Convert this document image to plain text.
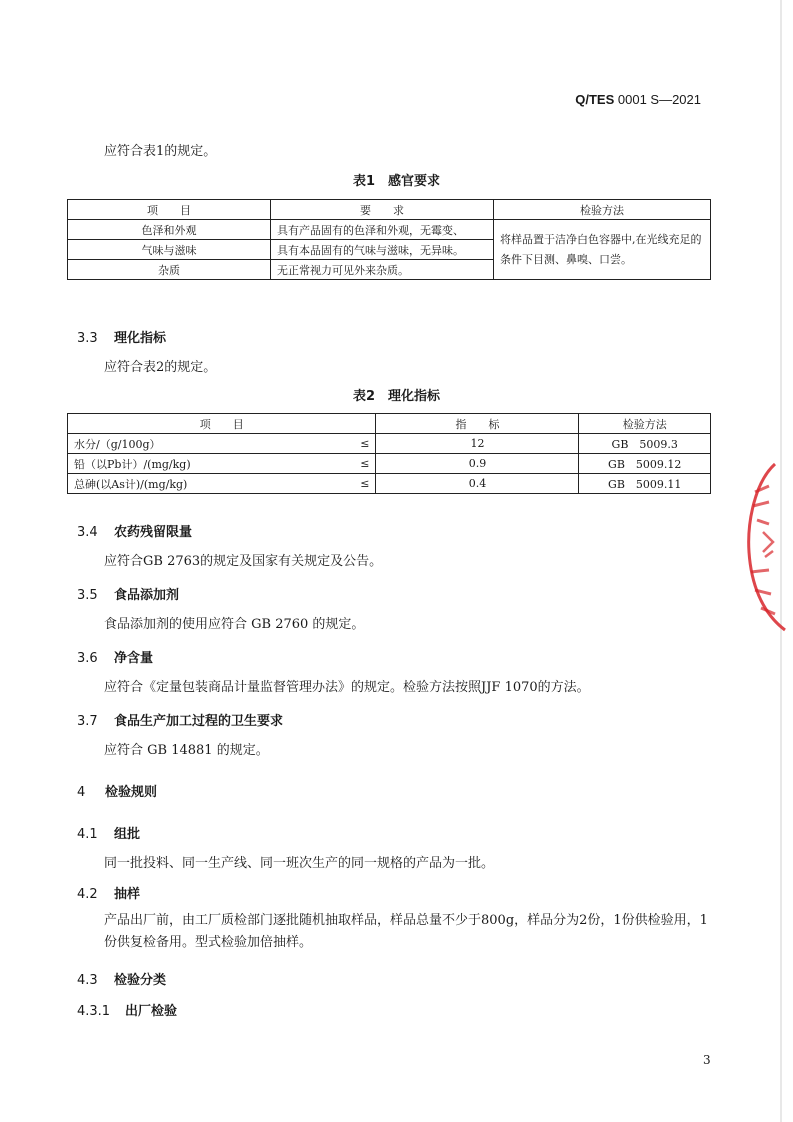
Q/TES 0001 S—2021
应符合表1的规定。
表1　感官要求
项　　目	要　　求	检验方法
色泽和外观	具有产品固有的色泽和外观，无霉变、	将样品置于洁净白色容器中,在光线充足的条件下目测、鼻嗅、口尝。
气味与滋味	具有本品固有的气味与滋味，无异味。	
杂质	无正常视力可见外来杂质。	
3.3 理化指标
应符合表2的规定。
表2　理化指标
项　　目		指　　标	检验方法
水分/（g/100g）	≤	12	GB　5009.3
铅（以Pb计）/(mg/kg)	≤	0.9	GB　5009.12
总砷(以As计)/(mg/kg)	≤	0.4	GB　5009.11
3.4 农药残留限量
应符合GB 2763的规定及国家有关规定及公告。
3.5 食品添加剂
食品添加剂的使用应符合 GB 2760 的规定。
3.6 净含量
应符合《定量包装商品计量监督管理办法》的规定。检验方法按照JJF 1070的方法。
3.7 食品生产加工过程的卫生要求
应符合 GB 14881 的规定。
4 检验规则
4.1 组批
同一批投料、同一生产线、同一班次生产的同一规格的产品为一批。
4.2 抽样
产品出厂前，由工厂质检部门逐批随机抽取样品，样品总量不少于800g，样品分为2份，1份供检验用，1份供复检备用。型式检验加倍抽样。
4.3 检验分类
4.3.1 出厂检验
3
